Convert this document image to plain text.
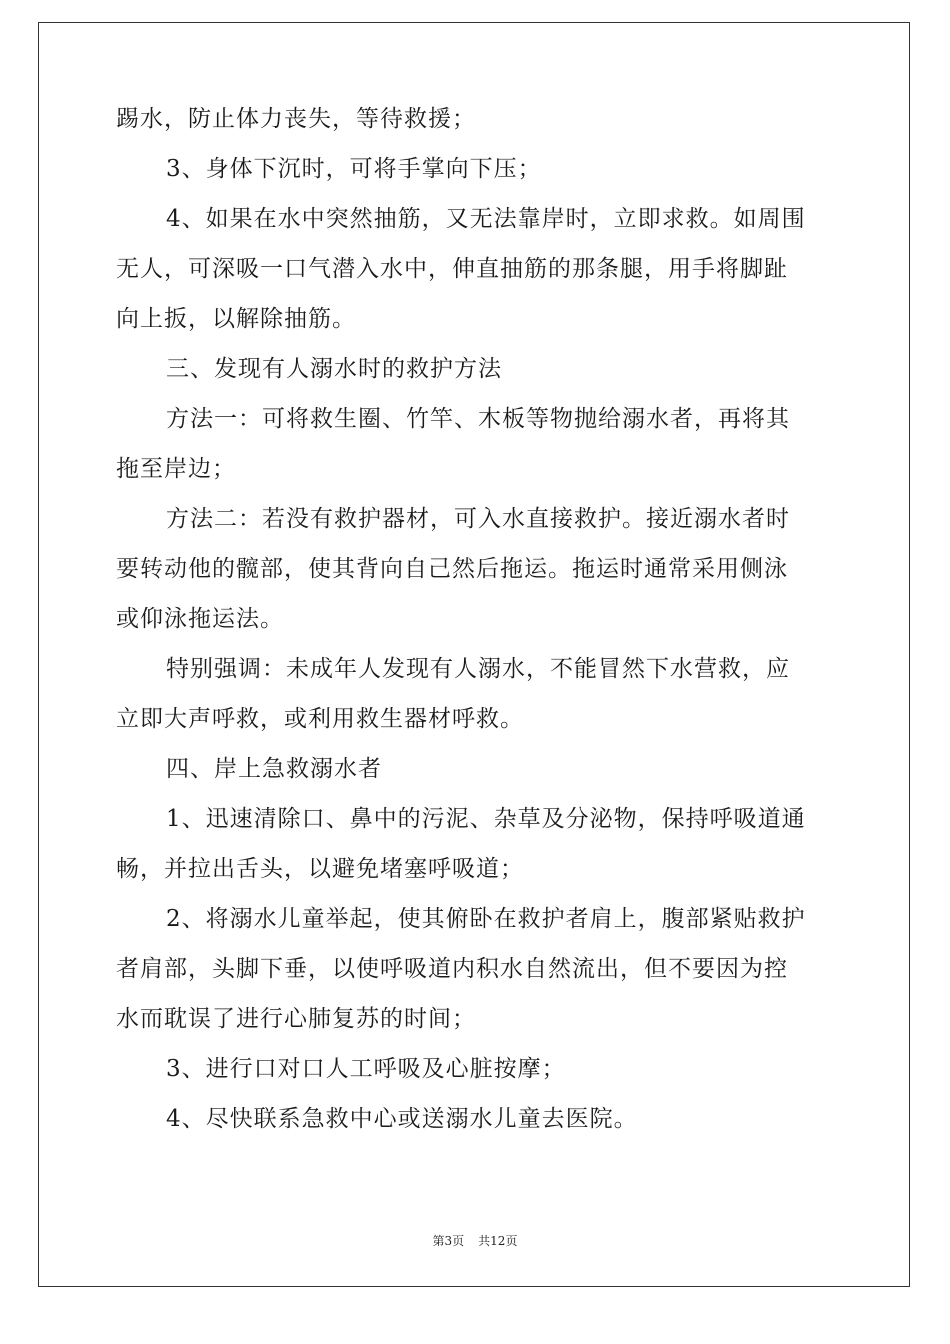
踢水，防止体力丧失，等待救援；
3、身体下沉时，可将手掌向下压；
4、如果在水中突然抽筋，又无法靠岸时，立即求救。如周围
无人，可深吸一口气潜入水中，伸直抽筋的那条腿，用手将脚趾
向上扳，以解除抽筋。
三、发现有人溺水时的救护方法
方法一：可将救生圈、竹竿、木板等物抛给溺水者，再将其
拖至岸边；
方法二：若没有救护器材，可入水直接救护。接近溺水者时
要转动他的髋部，使其背向自己然后拖运。拖运时通常采用侧泳
或仰泳拖运法。
特别强调：未成年人发现有人溺水，不能冒然下水营救，应
立即大声呼救，或利用救生器材呼救。
四、岸上急救溺水者
1、迅速清除口、鼻中的污泥、杂草及分泌物，保持呼吸道通
畅，并拉出舌头，以避免堵塞呼吸道；
2、将溺水儿童举起，使其俯卧在救护者肩上，腹部紧贴救护
者肩部，头脚下垂，以使呼吸道内积水自然流出，但不要因为控
水而耽误了进行心肺复苏的时间；
3、进行口对口人工呼吸及心脏按摩；
4、尽快联系急救中心或送溺水儿童去医院。

第3页 共12页
